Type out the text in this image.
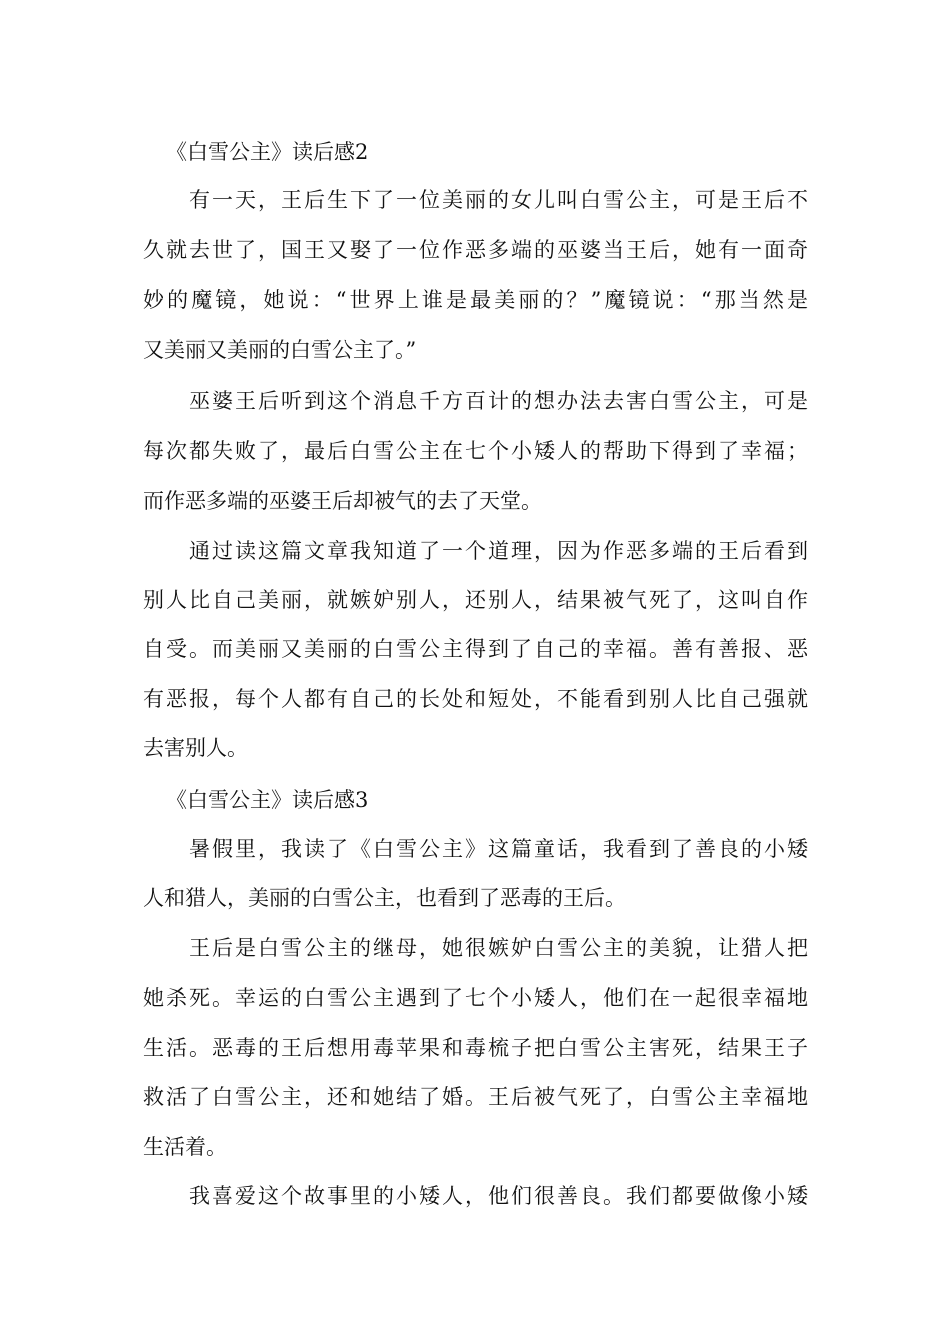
《白雪公主》读后感2
有一天，王后生下了一位美丽的女儿叫白雪公主，可是王后不
久就去世了，国王又娶了一位作恶多端的巫婆当王后，她有一面奇
妙的魔镜，她说：“世界上谁是最美丽的？”魔镜说：“那当然是
又美丽又美丽的白雪公主了。”
巫婆王后听到这个消息千方百计的想办法去害白雪公主，可是
每次都失败了，最后白雪公主在七个小矮人的帮助下得到了幸福；
而作恶多端的巫婆王后却被气的去了天堂。
通过读这篇文章我知道了一个道理，因为作恶多端的王后看到
别人比自己美丽，就嫉妒别人，还别人，结果被气死了，这叫自作
自受。而美丽又美丽的白雪公主得到了自己的幸福。善有善报、恶
有恶报，每个人都有自己的长处和短处，不能看到别人比自己强就
去害别人。
《白雪公主》读后感3
暑假里，我读了《白雪公主》这篇童话，我看到了善良的小矮
人和猎人，美丽的白雪公主，也看到了恶毒的王后。
王后是白雪公主的继母，她很嫉妒白雪公主的美貌，让猎人把
她杀死。幸运的白雪公主遇到了七个小矮人，他们在一起很幸福地
生活。恶毒的王后想用毒苹果和毒梳子把白雪公主害死，结果王子
救活了白雪公主，还和她结了婚。王后被气死了，白雪公主幸福地
生活着。
我喜爱这个故事里的小矮人，他们很善良。我们都要做像小矮
